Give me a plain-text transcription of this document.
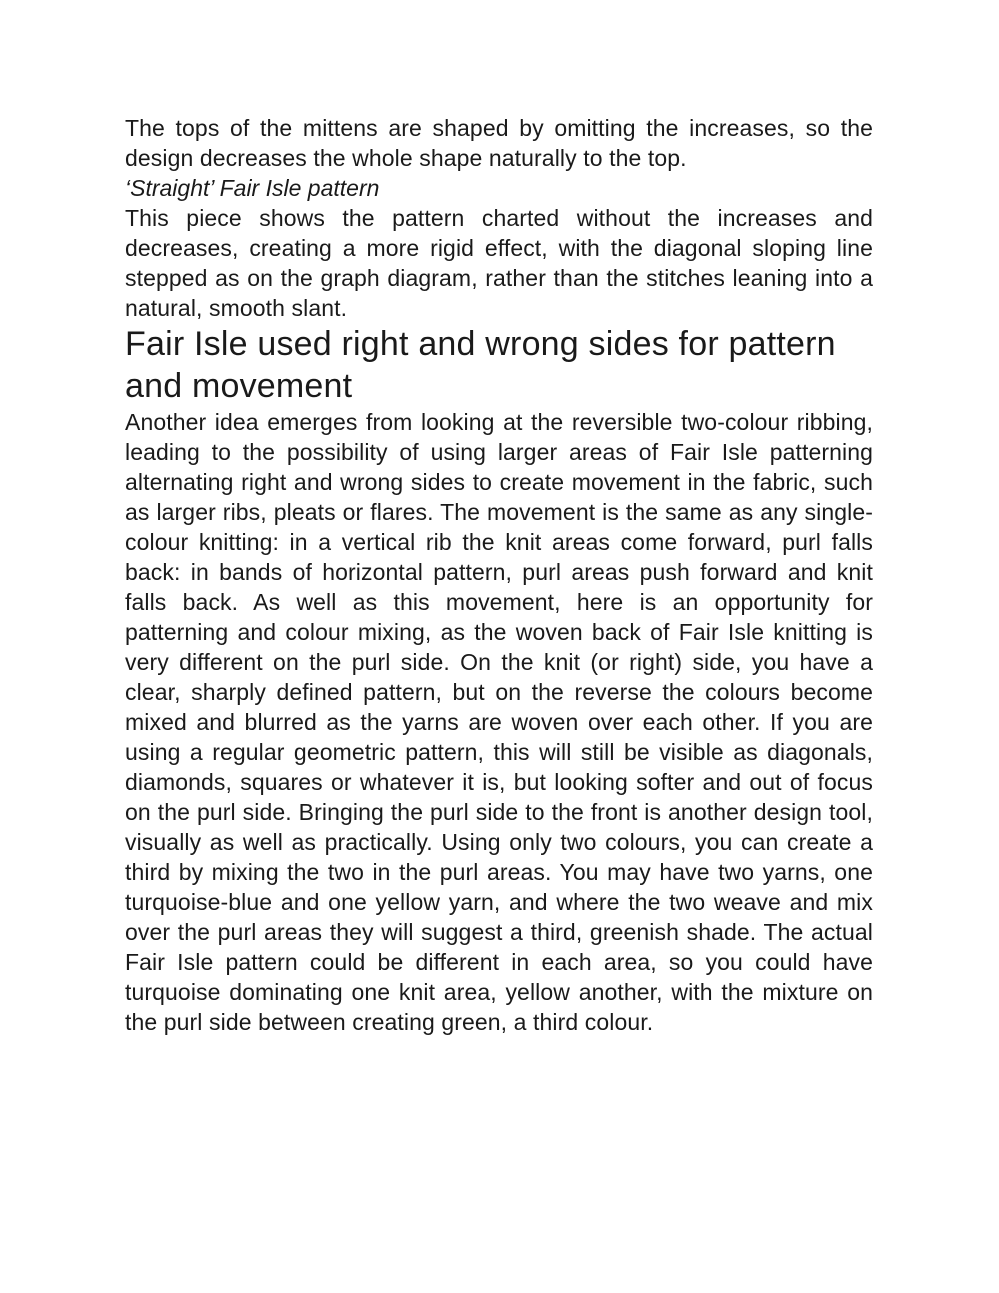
The tops of the mittens are shaped by omitting the increases, so the design decreases the whole shape naturally to the top.

‘Straight’ Fair Isle pattern

This piece shows the pattern charted without the increases and decreases, creating a more rigid effect, with the diagonal sloping line stepped as on the graph diagram, rather than the stitches leaning into a natural, smooth slant.

Fair Isle used right and wrong sides for pattern and movement

Another idea emerges from looking at the reversible two-colour ribbing, leading to the possibility of using larger areas of Fair Isle patterning alternating right and wrong sides to create movement in the fabric, such as larger ribs, pleats or flares. The movement is the same as any single-colour knitting: in a vertical rib the knit areas come forward, purl falls back: in bands of horizontal pattern, purl areas push forward and knit falls back. As well as this movement, here is an opportunity for patterning and colour mixing, as the woven back of Fair Isle knitting is very different on the purl side. On the knit (or right) side, you have a clear, sharply defined pattern, but on the reverse the colours become mixed and blurred as the yarns are woven over each other. If you are using a regular geometric pattern, this will still be visible as diagonals, diamonds, squares or whatever it is, but looking softer and out of focus on the purl side. Bringing the purl side to the front is another design tool, visually as well as practically. Using only two colours, you can create a third by mixing the two in the purl areas. You may have two yarns, one turquoise-blue and one yellow yarn, and where the two weave and mix over the purl areas they will suggest a third, greenish shade. The actual Fair Isle pattern could be different in each area, so you could have turquoise dominating one knit area, yellow another, with the mixture on the purl side between creating green, a third colour.
